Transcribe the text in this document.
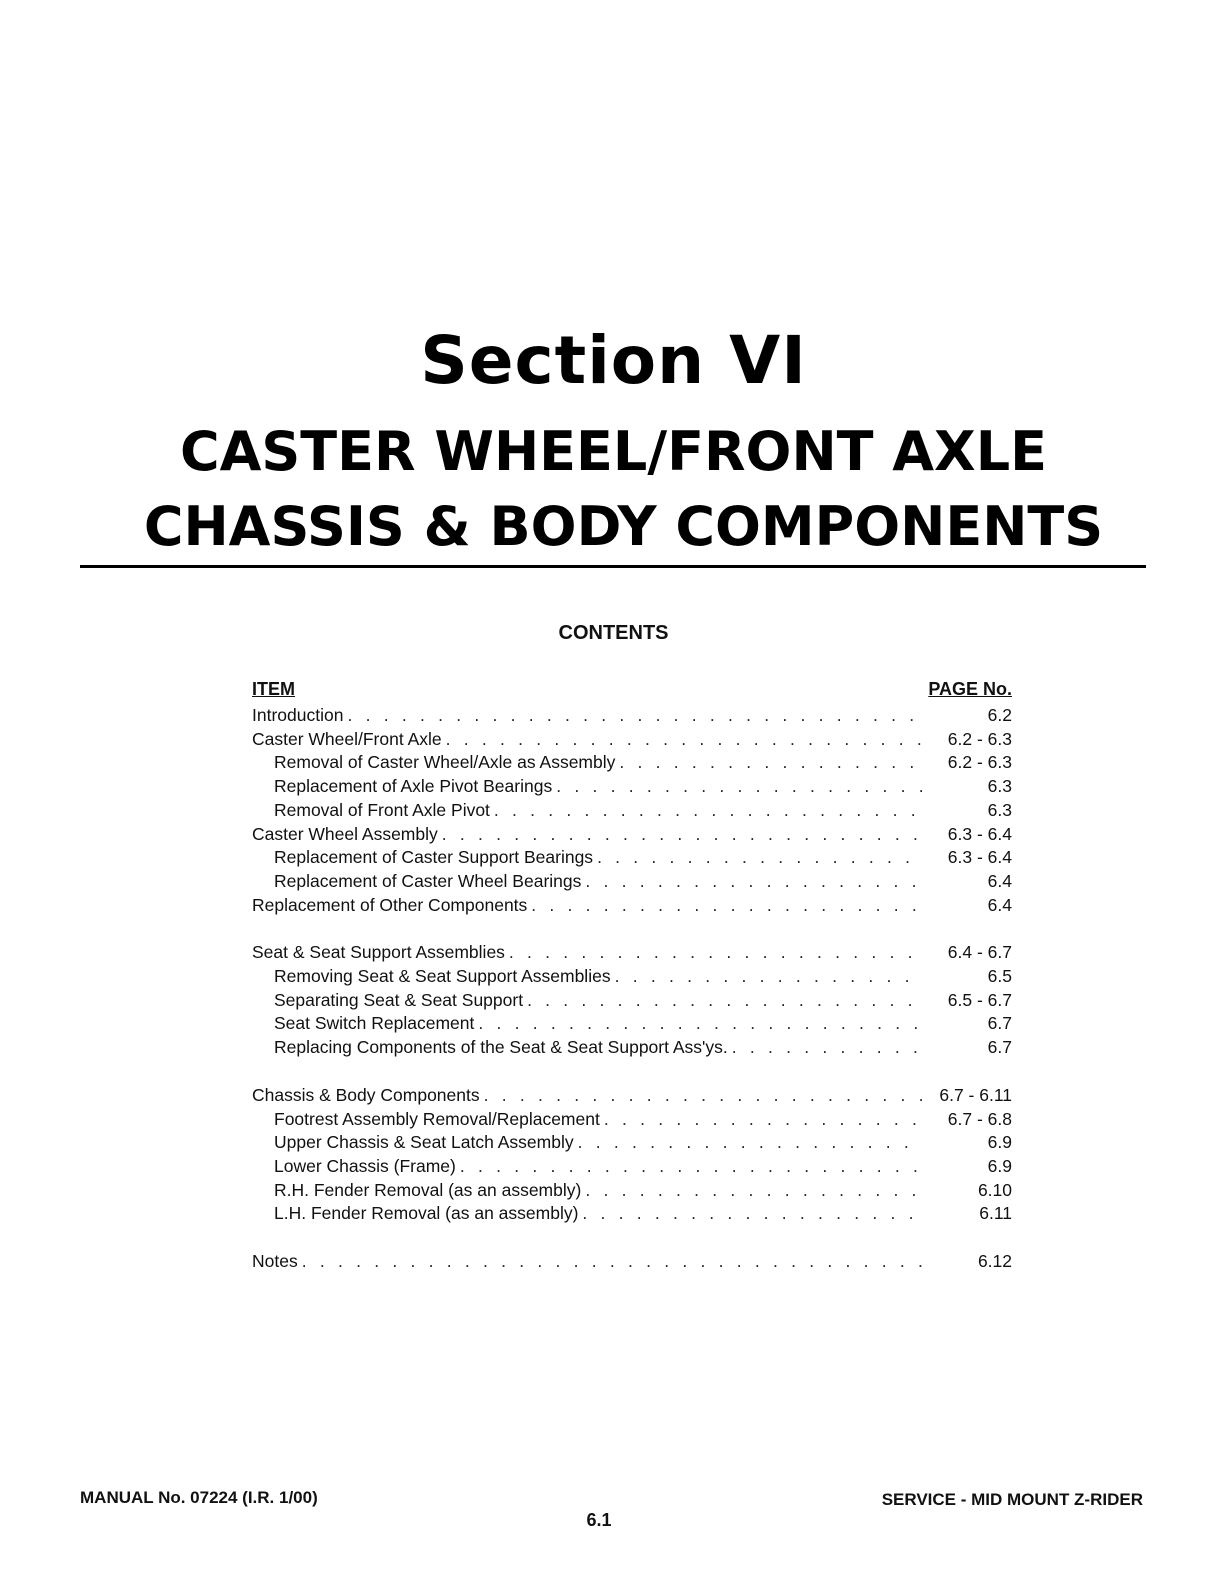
Section VI
CASTER WHEEL/FRONT AXLE
CHASSIS & BODY COMPONENTS
CONTENTS
ITEM	PAGE No.
Introduction . . .	6.2
Caster Wheel/Front Axle . . .	6.2 - 6.3
Removal of Caster Wheel/Axle as Assembly . . .	6.2 - 6.3
Replacement of Axle Pivot Bearings . . .	6.3
Removal of Front Axle Pivot . . .	6.3
Caster Wheel Assembly . . .	6.3 - 6.4
Replacement of Caster Support Bearings . . .	6.3 - 6.4
Replacement of Caster Wheel Bearings . . .	6.4
Replacement of Other Components . . .	6.4
Seat & Seat Support Assemblies . . .	6.4 - 6.7
Removing Seat & Seat Support Assemblies . . .	6.5
Separating Seat & Seat Support . . .	6.5 - 6.7
Seat Switch Replacement . . .	6.7
Replacing Components of the Seat & Seat Support Ass'ys. . . .	6.7
Chassis & Body Components . . .	6.7 - 6.11
Footrest Assembly Removal/Replacement . . .	6.7 - 6.8
Upper Chassis & Seat Latch Assembly . . .	6.9
Lower Chassis (Frame) . . .	6.9
R.H. Fender Removal (as an assembly) . . .	6.10
L.H. Fender Removal (as an assembly) . . .	6.11
Notes . . .	6.12
MANUAL No. 07224 (I.R. 1/00)
6.1
SERVICE - MID MOUNT Z-RIDER
